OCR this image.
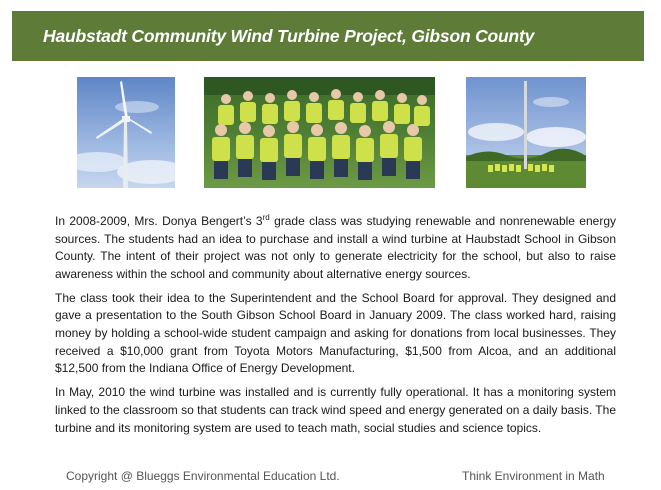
Haubstadt Community Wind Turbine Project, Gibson County

In 2008-2009, Mrs. Donya Bengert’s 3rd grade class was studying renewable and nonrenewable energy sources. The students had an idea to purchase and install a wind turbine at Haubstadt School in Gibson County. The intent of their project was not only to generate electricity for the school, but also to raise awareness within the school and community about alternative energy sources.

The class took their idea to the Superintendent and the School Board for approval. They designed and gave a presentation to the South Gibson School Board in January 2009. The class worked hard, raising money by holding a school-wide student campaign and asking for donations from local businesses. They received a $10,000 grant from Toyota Motors Manufacturing, $1,500 from Alcoa, and an additional $12,500 from the Indiana Office of Energy Development.

In May, 2010 the wind turbine was installed and is currently fully operational. It has a monitoring system linked to the classroom so that students can track wind speed and energy generated on a daily basis. The turbine and its monitoring system are used to teach math, social studies and science topics.

Copyright @ Blueggs Environmental Education Ltd.	Think Environment in Math
